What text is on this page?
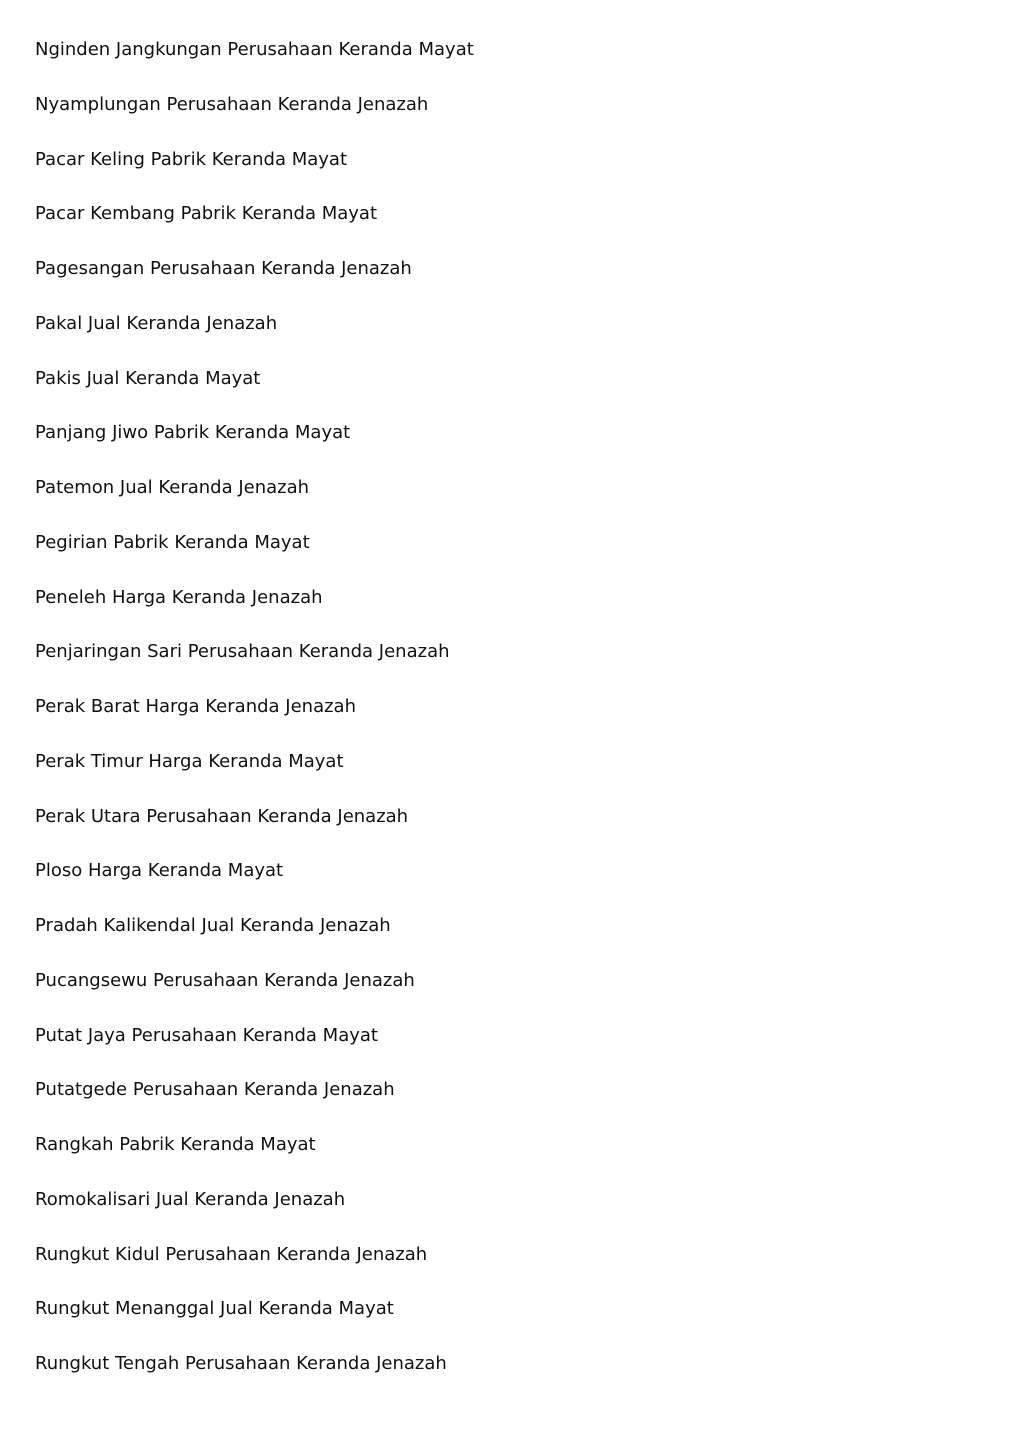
Nginden Jangkungan Perusahaan Keranda Mayat
Nyamplungan Perusahaan Keranda Jenazah
Pacar Keling Pabrik Keranda Mayat
Pacar Kembang Pabrik Keranda Mayat
Pagesangan Perusahaan Keranda Jenazah
Pakal Jual Keranda Jenazah
Pakis Jual Keranda Mayat
Panjang Jiwo Pabrik Keranda Mayat
Patemon Jual Keranda Jenazah
Pegirian Pabrik Keranda Mayat
Peneleh Harga Keranda Jenazah
Penjaringan Sari Perusahaan Keranda Jenazah
Perak Barat Harga Keranda Jenazah
Perak Timur Harga Keranda Mayat
Perak Utara Perusahaan Keranda Jenazah
Ploso Harga Keranda Mayat
Pradah Kalikendal Jual Keranda Jenazah
Pucangsewu Perusahaan Keranda Jenazah
Putat Jaya Perusahaan Keranda Mayat
Putatgede Perusahaan Keranda Jenazah
Rangkah Pabrik Keranda Mayat
Romokalisari Jual Keranda Jenazah
Rungkut Kidul Perusahaan Keranda Jenazah
Rungkut Menanggal Jual Keranda Mayat
Rungkut Tengah Perusahaan Keranda Jenazah
